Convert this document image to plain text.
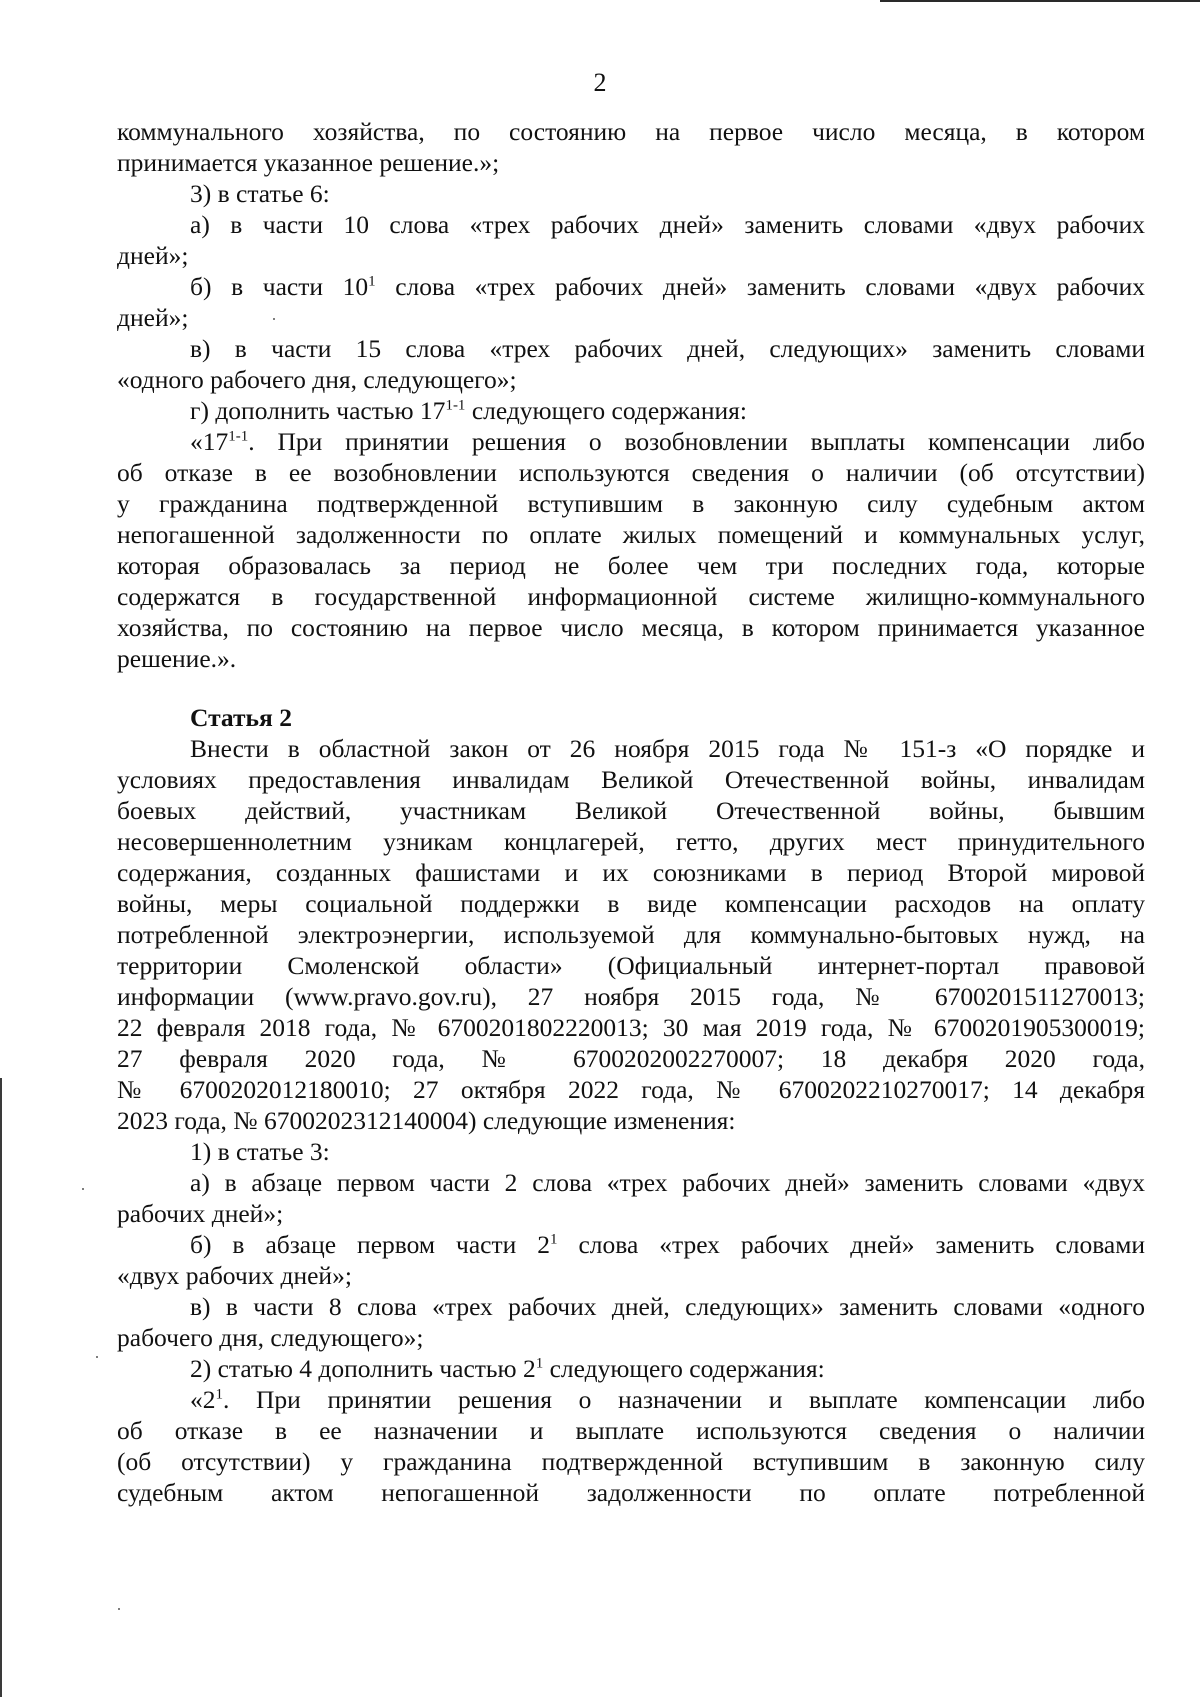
2
коммунального хозяйства, по состоянию на первое число месяца, в котором
принимается указанное решение.»;
3) в статье 6:
а) в части 10 слова «трех рабочих дней» заменить словами «двух рабочих
дней»;
б) в части $10^1$ слова «трех рабочих дней» заменить словами «двух рабочих
дней»;
в) в части 15 слова «трех рабочих дней, следующих» заменить словами
«одного рабочего дня, следующего»;
г) дополнить частью 17$^{1-1}$ следующего содержания:
«17$^{1-1}$. При принятии решения о возобновлении выплаты компенсации либо
об отказе в ее возобновлении используются сведения о наличии (об отсутствии)
у гражданина подтвержденной вступившим в законную силу судебным актом
непогашенной задолженности по оплате жилых помещений и коммунальных услуг,
которая образовалась за период не более чем три последних года, которые
содержатся в государственной информационной системе жилищно-коммунального
хозяйства, по состоянию на первое число месяца, в котором принимается указанное
решение.».
Статья 2
Внести в областной закон от 26 ноября 2015 года № 151-з «О порядке и
условиях предоставления инвалидам Великой Отечественной войны, инвалидам
боевых действий, участникам Великой Отечественной войны, бывшим
несовершеннолетним узникам концлагерей, гетто, других мест принудительного
содержания, созданных фашистами и их союзниками в период Второй мировой
войны, меры социальной поддержки в виде компенсации расходов на оплату
потребленной электроэнергии, используемой для коммунально-бытовых нужд, на
территории Смоленской области» (Официальный интернет-портал правовой
информации (www.pravo.gov.ru), 27 ноября 2015 года, № 6700201511270013;
22 февраля 2018 года, № 6700201802220013; 30 мая 2019 года, № 6700201905300019;
27 февраля 2020 года, № 6700202002270007; 18 декабря 2020 года,
№ 6700202012180010; 27 октября 2022 года, № 6700202210270017; 14 декабря
2023 года, № 6700202312140004) следующие изменения:
1) в статье 3:
а) в абзаце первом части 2 слова «трех рабочих дней» заменить словами «двух
рабочих дней»;
б) в абзаце первом части $2^1$ слова «трех рабочих дней» заменить словами
«двух рабочих дней»;
в) в части 8 слова «трех рабочих дней, следующих» заменить словами «одного
рабочего дня, следующего»;
2) статью 4 дополнить частью $2^1$ следующего содержания:
«$2^1$. При принятии решения о назначении и выплате компенсации либо
об отказе в ее назначении и выплате используются сведения о наличии
(об отсутствии) у гражданина подтвержденной вступившим в законную силу
судебным актом непогашенной задолженности по оплате потребленной
